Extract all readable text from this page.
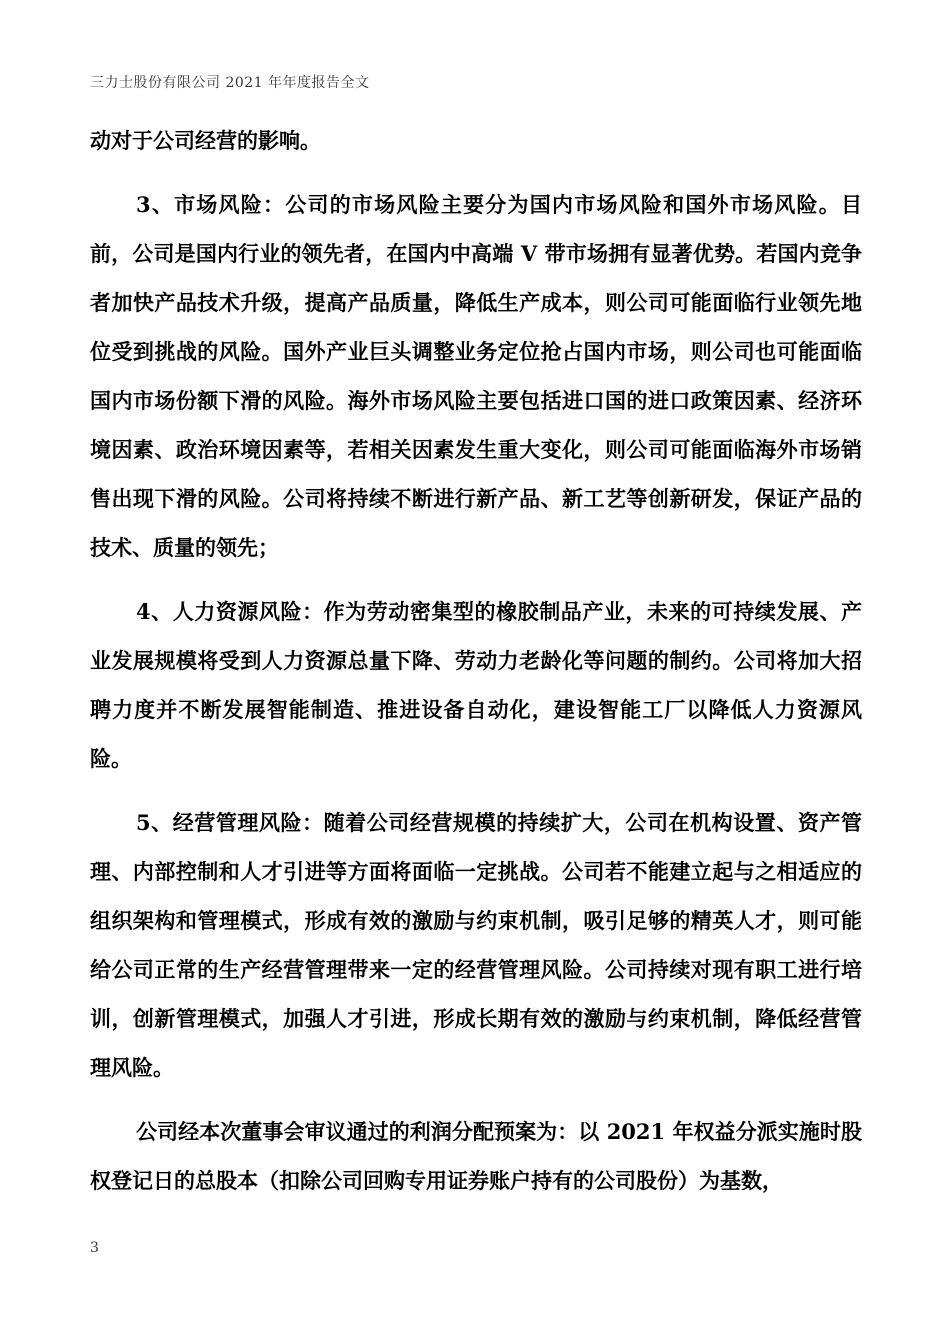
三力士股份有限公司 2021 年年度报告全文

动对于公司经营的影响。

3、市场风险：公司的市场风险主要分为国内市场风险和国外市场风险。目前，公司是国内行业的领先者，在国内中高端 V 带市场拥有显著优势。若国内竞争者加快产品技术升级，提高产品质量，降低生产成本，则公司可能面临行业领先地位受到挑战的风险。国外产业巨头调整业务定位抢占国内市场，则公司也可能面临国内市场份额下滑的风险。海外市场风险主要包括进口国的进口政策因素、经济环境因素、政治环境因素等，若相关因素发生重大变化，则公司可能面临海外市场销售出现下滑的风险。公司将持续不断进行新产品、新工艺等创新研发，保证产品的技术、质量的领先；

4、人力资源风险：作为劳动密集型的橡胶制品产业，未来的可持续发展、产业发展规模将受到人力资源总量下降、劳动力老龄化等问题的制约。公司将加大招聘力度并不断发展智能制造、推进设备自动化，建设智能工厂以降低人力资源风险。

5、经营管理风险：随着公司经营规模的持续扩大，公司在机构设置、资产管理、内部控制和人才引进等方面将面临一定挑战。公司若不能建立起与之相适应的组织架构和管理模式，形成有效的激励与约束机制，吸引足够的精英人才，则可能给公司正常的生产经营管理带来一定的经营管理风险。公司持续对现有职工进行培训，创新管理模式，加强人才引进，形成长期有效的激励与约束机制，降低经营管理风险。

公司经本次董事会审议通过的利润分配预案为：以 2021 年权益分派实施时股权登记日的总股本（扣除公司回购专用证券账户持有的公司股份）为基数，

3
